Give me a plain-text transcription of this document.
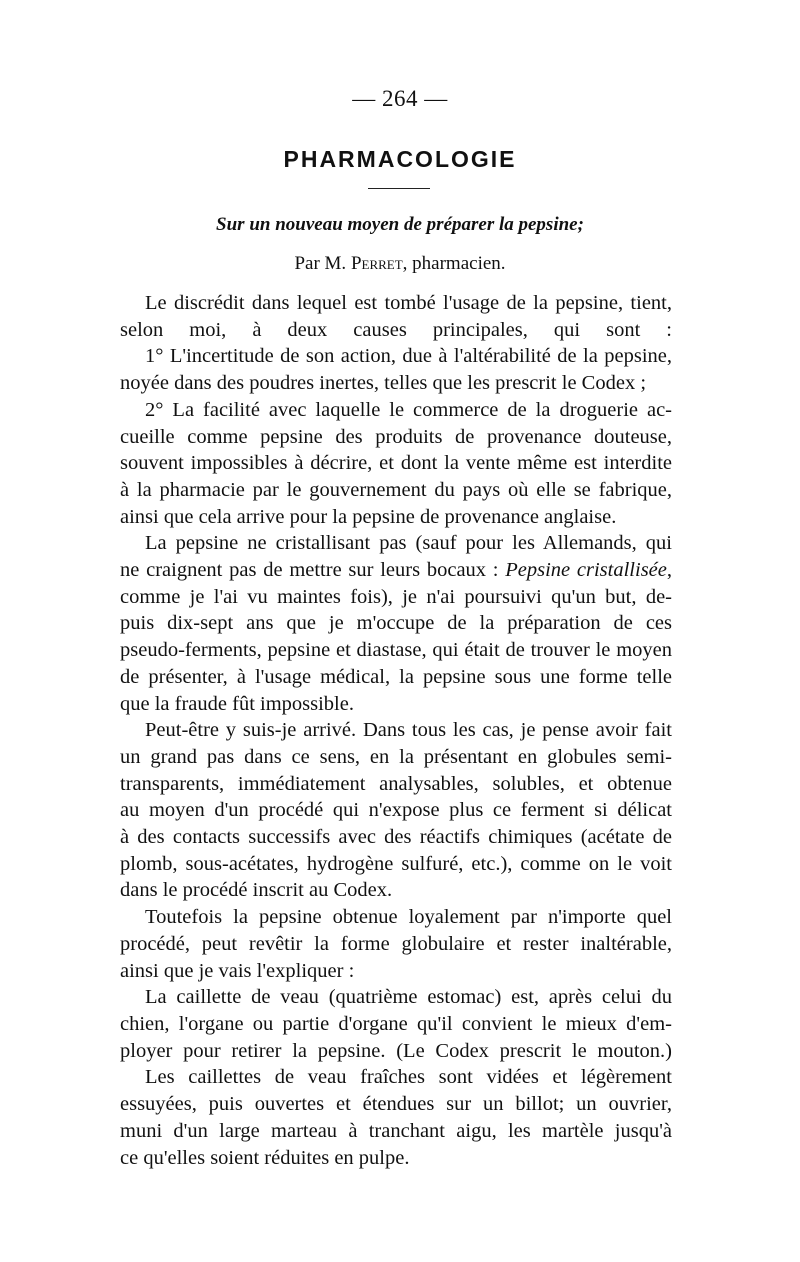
— 264 —
PHARMACOLOGIE
Sur un nouveau moyen de préparer la pepsine;
Par M. Perret, pharmacien.
Le discrédit dans lequel est tombé l'usage de la pepsine, tient,
selon moi, à deux causes principales, qui sont :
1° L'incertitude de son action, due à l'altérabilité de la pepsine,
noyée dans des poudres inertes, telles que les prescrit le Codex ;
2° La facilité avec laquelle le commerce de la droguerie ac-
cueille comme pepsine des produits de provenance douteuse,
souvent impossibles à décrire, et dont la vente même est interdite
à la pharmacie par le gouvernement du pays où elle se fabrique,
ainsi que cela arrive pour la pepsine de provenance anglaise.
La pepsine ne cristallisant pas (sauf pour les Allemands, qui
ne craignent pas de mettre sur leurs bocaux : Pepsine cristallisée,
comme je l'ai vu maintes fois), je n'ai poursuivi qu'un but, de-
puis dix-sept ans que je m'occupe de la préparation de ces
pseudo-ferments, pepsine et diastase, qui était de trouver le moyen
de présenter, à l'usage médical, la pepsine sous une forme telle
que la fraude fût impossible.
Peut-être y suis-je arrivé. Dans tous les cas, je pense avoir fait
un grand pas dans ce sens, en la présentant en globules semi-
transparents, immédiatement analysables, solubles, et obtenue
au moyen d'un procédé qui n'expose plus ce ferment si délicat
à des contacts successifs avec des réactifs chimiques (acétate de
plomb, sous-acétates, hydrogène sulfuré, etc.), comme on le voit
dans le procédé inscrit au Codex.
Toutefois la pepsine obtenue loyalement par n'importe quel
procédé, peut revêtir la forme globulaire et rester inaltérable,
ainsi que je vais l'expliquer :
La caillette de veau (quatrième estomac) est, après celui du
chien, l'organe ou partie d'organe qu'il convient le mieux d'em-
ployer pour retirer la pepsine. (Le Codex prescrit le mouton.)
Les caillettes de veau fraîches sont vidées et légèrement
essuyées, puis ouvertes et étendues sur un billot; un ouvrier,
muni d'un large marteau à tranchant aigu, les martèle jusqu'à
ce qu'elles soient réduites en pulpe.
